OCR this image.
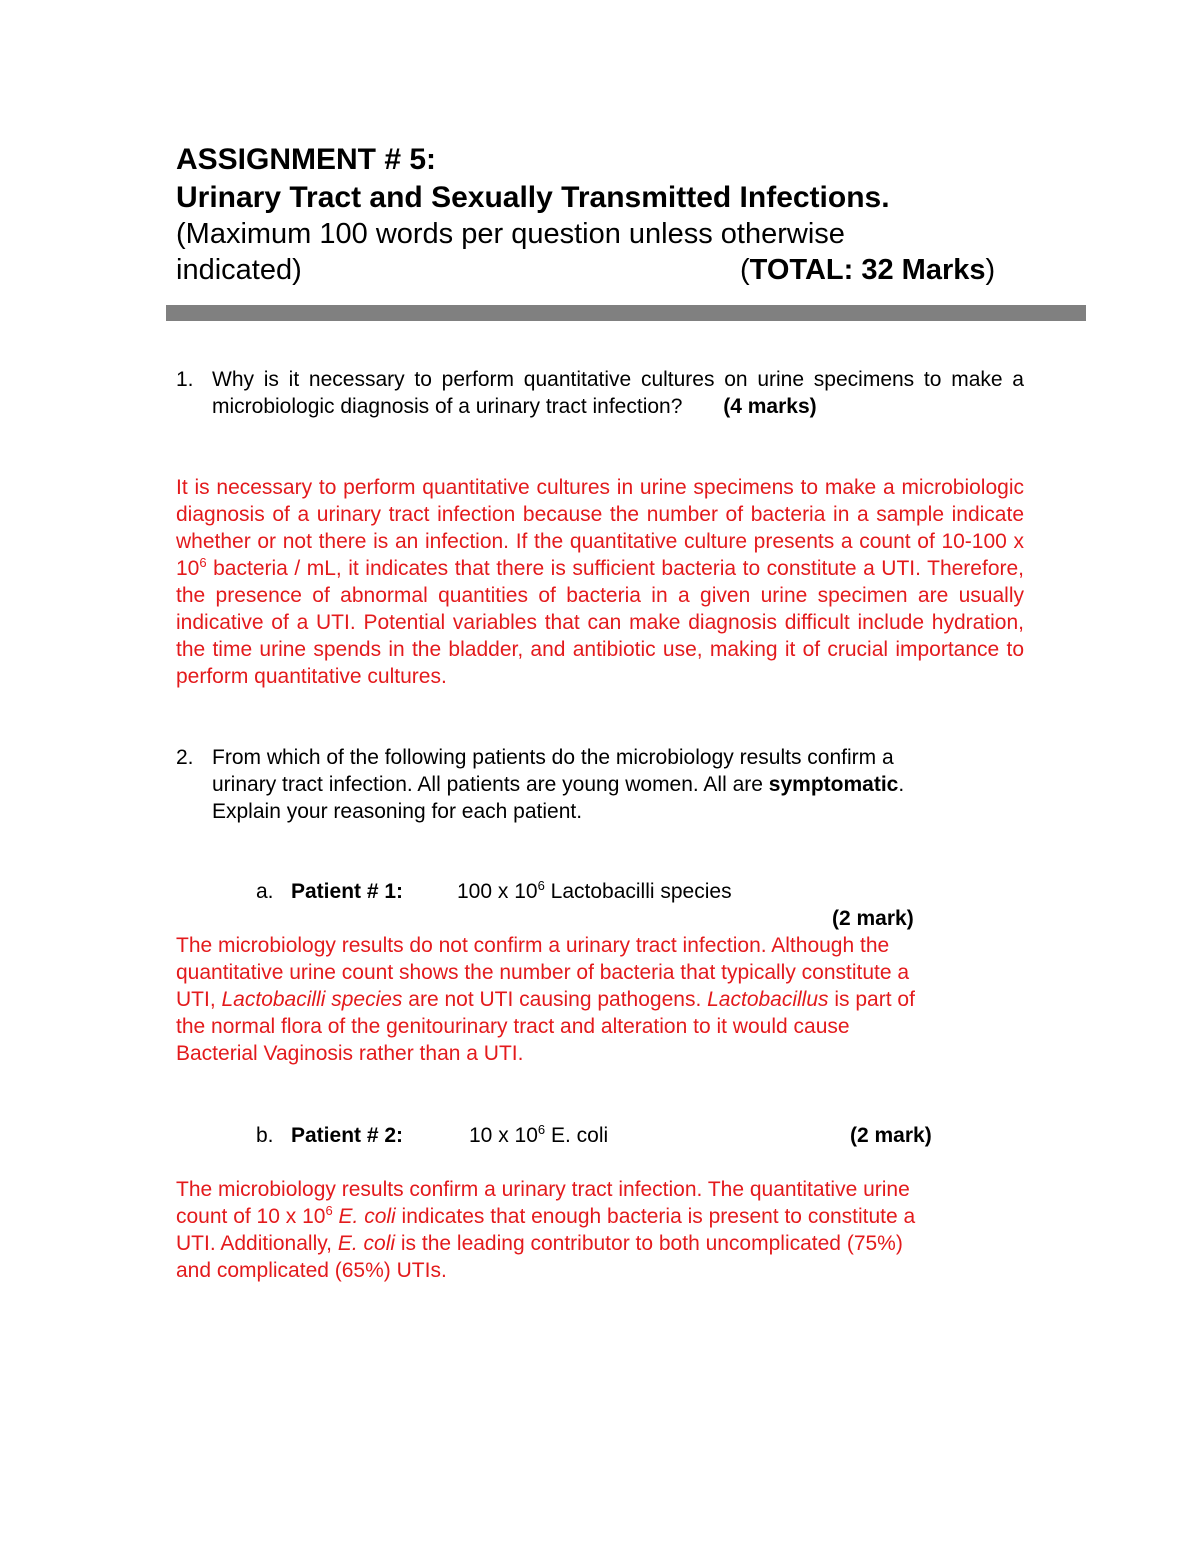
ASSIGNMENT # 5:
Urinary Tract and Sexually Transmitted Infections.
(Maximum 100 words per question unless otherwise
indicated)	(TOTAL: 32 Marks)
1. Why is it necessary to perform quantitative cultures on urine specimens to make a microbiologic diagnosis of a urinary tract infection? (4 marks)
It is necessary to perform quantitative cultures in urine specimens to make a microbiologic diagnosis of a urinary tract infection because the number of bacteria in a sample indicate whether or not there is an infection. If the quantitative culture presents a count of 10-100 x $10^6$ bacteria / mL, it indicates that there is sufficient bacteria to constitute a UTI. Therefore, the presence of abnormal quantities of bacteria in a given urine specimen are usually indicative of a UTI. Potential variables that can make diagnosis difficult include hydration, the time urine spends in the bladder, and antibiotic use, making it of crucial importance to perform quantitative cultures.
2. From which of the following patients do the microbiology results confirm a
urinary tract infection. All patients are young women. All are symptomatic.
Explain your reasoning for each patient.
a. Patient # 1:	100 x $10^6$ Lactobacilli species
(2 mark)
The microbiology results do not confirm a urinary tract infection. Although the
quantitative urine count shows the number of bacteria that typically constitute a
UTI, Lactobacilli species are not UTI causing pathogens. Lactobacillus is part of
the normal flora of the genitourinary tract and alteration to it would cause
Bacterial Vaginosis rather than a UTI.
b. Patient # 2:	10 x $10^6$ E. coli	(2 mark)
The microbiology results confirm a urinary tract infection. The quantitative urine
count of 10 x $10^6$ E. coli indicates that enough bacteria is present to constitute a
UTI. Additionally, E. coli is the leading contributor to both uncomplicated (75%)
and complicated (65%) UTIs.
